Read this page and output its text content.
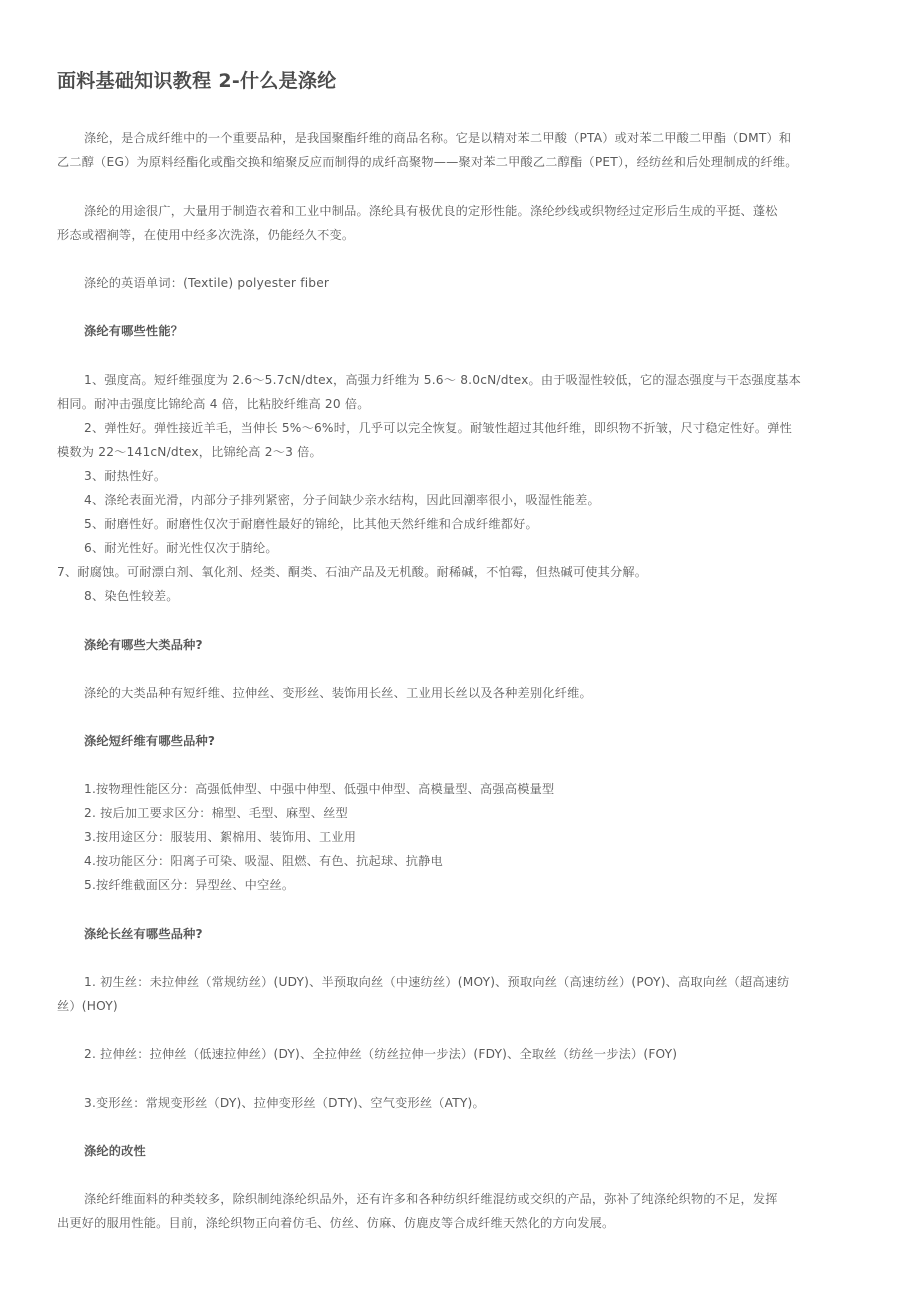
面料基础知识教程 2-什么是涤纶

涤纶，是合成纤维中的一个重要品种，是我国聚酯纤维的商品名称。它是以精对苯二甲酸（PTA）或对苯二甲酸二甲酯（DMT）和

乙二醇（EG）为原料经酯化或酯交换和缩聚反应而制得的成纤高聚物——聚对苯二甲酸乙二醇酯（PET），经纺丝和后处理制成的纤维。

涤纶的用途很广，大量用于制造衣着和工业中制品。涤纶具有极优良的定形性能。涤纶纱线或织物经过定形后生成的平挺、蓬松

形态或褶裥等，在使用中经多次洗涤，仍能经久不变。

涤纶的英语单词：(Textile) polyester fiber

涤纶有哪些性能？

1、强度高。短纤维强度为 2.6～5.7cN/dtex，高强力纤维为 5.6～ 8.0cN/dtex。由于吸湿性较低，它的湿态强度与干态强度基本

相同。耐冲击强度比锦纶高 4 倍，比粘胶纤维高 20 倍。

2、弹性好。弹性接近羊毛，当伸长 5%～6%时，几乎可以完全恢复。耐皱性超过其他纤维，即织物不折皱，尺寸稳定性好。弹性

模数为 22～141cN/dtex，比锦纶高 2～3 倍。

3、耐热性好。

4、涤纶表面光滑，内部分子排列紧密，分子间缺少亲水结构，因此回潮率很小，吸湿性能差。

5、耐磨性好。耐磨性仅次于耐磨性最好的锦纶，比其他天然纤维和合成纤维都好。

6、耐光性好。耐光性仅次于腈纶。

7、耐腐蚀。可耐漂白剂、氧化剂、烃类、酮类、石油产品及无机酸。耐稀碱，不怕霉，但热碱可使其分解。

8、染色性较差。

涤纶有哪些大类品种?

涤纶的大类品种有短纤维、拉伸丝、变形丝、装饰用长丝、工业用长丝以及各种差别化纤维。

涤纶短纤维有哪些品种?

1.按物理性能区分：高强低伸型、中强中伸型、低强中伸型、高模量型、高强高模量型

2. 按后加工要求区分：棉型、毛型、麻型、丝型

3.按用途区分：服装用、絮棉用、装饰用、工业用

4.按功能区分：阳离子可染、吸湿、阻燃、有色、抗起球、抗静电

5.按纤维截面区分：异型丝、中空丝。

涤纶长丝有哪些品种?

1. 初生丝：未拉伸丝（常规纺丝）(UDY)、半预取向丝（中速纺丝）(MOY)、预取向丝（高速纺丝）(POY)、高取向丝（超高速纺

丝）(HOY)

2. 拉伸丝：拉伸丝（低速拉伸丝）(DY)、全拉伸丝（纺丝拉伸一步法）(FDY)、全取丝（纺丝一步法）(FOY)

3.变形丝：常规变形丝（DY)、拉伸变形丝（DTY)、空气变形丝（ATY)。

涤纶的改性

涤纶纤维面料的种类较多，除织制纯涤纶织品外，还有许多和各种纺织纤维混纺或交织的产品，弥补了纯涤纶织物的不足，发挥

出更好的服用性能。目前，涤纶织物正向着仿毛、仿丝、仿麻、仿鹿皮等合成纤维天然化的方向发展。
